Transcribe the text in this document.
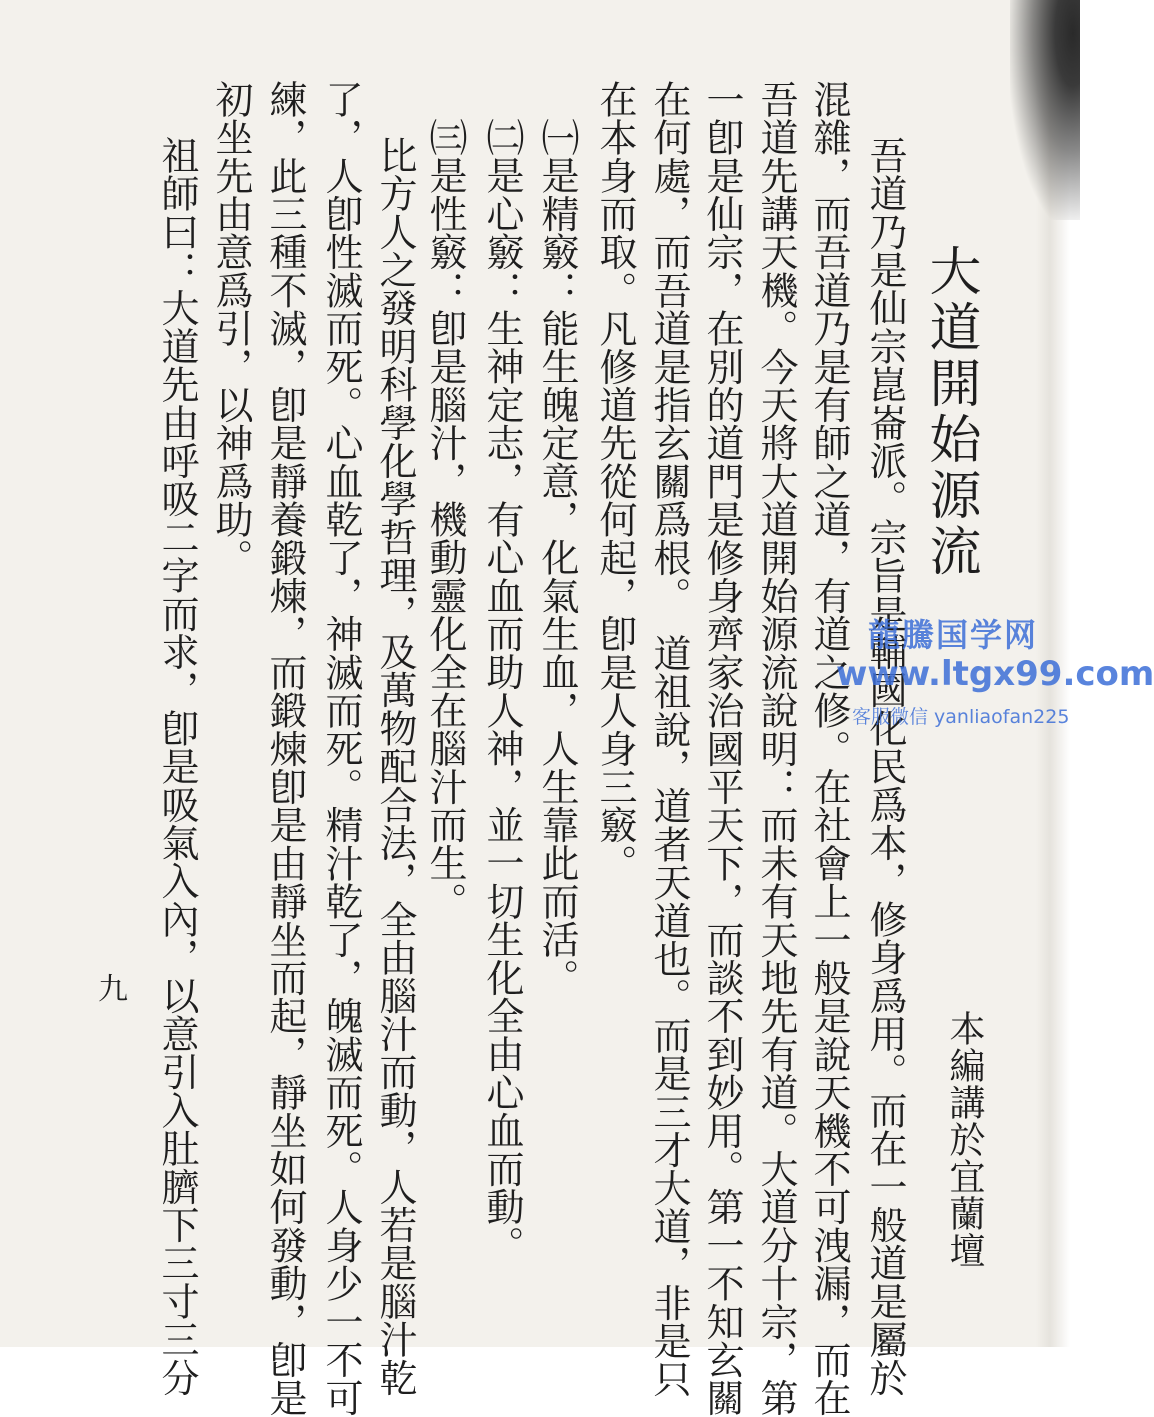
大道開始源流
本編講於宜蘭壇
吾道乃是仙宗崑崙派。宗旨是輔國化民爲本，修身爲用。而在一般道是屬於
混雜，而吾道乃是有師之道，有道之修。在社會上一般是說天機不可洩漏，而在
吾道先講天機。今天將大道開始源流說明：而未有天地先有道。大道分十宗，第
一卽是仙宗，在別的道門是修身齊家治國平天下，而談不到妙用。第一不知玄關
在何處，而吾道是指玄關爲根。　道祖說，道者天道也。而是三才大道，非是只
在本身而取。凡修道先從何起，卽是人身三竅。
㈠是精竅：能生魄定意，化氣生血，人生靠此而活。
㈡是心竅：生神定志，有心血而助人神，並一切生化全由心血而動。
㈢是性竅：卽是腦汁，機動靈化全在腦汁而生。
比方人之發明科學化學哲理，及萬物配合法，全由腦汁而動，人若是腦汁乾
了，人卽性滅而死。心血乾了，神滅而死。精汁乾了，魄滅而死。人身少一不可
練，此三種不滅，卽是靜養鍛煉，而鍛煉卽是由靜坐而起，靜坐如何發動，卽是
初坐先由意爲引，以神爲助。
祖師曰：大道先由呼吸二字而求，卽是吸氣入內，以意引入肚臍下三寸三分
九
龍騰国学网
www.ltgx99.com
客服微信 yanliaofan225
